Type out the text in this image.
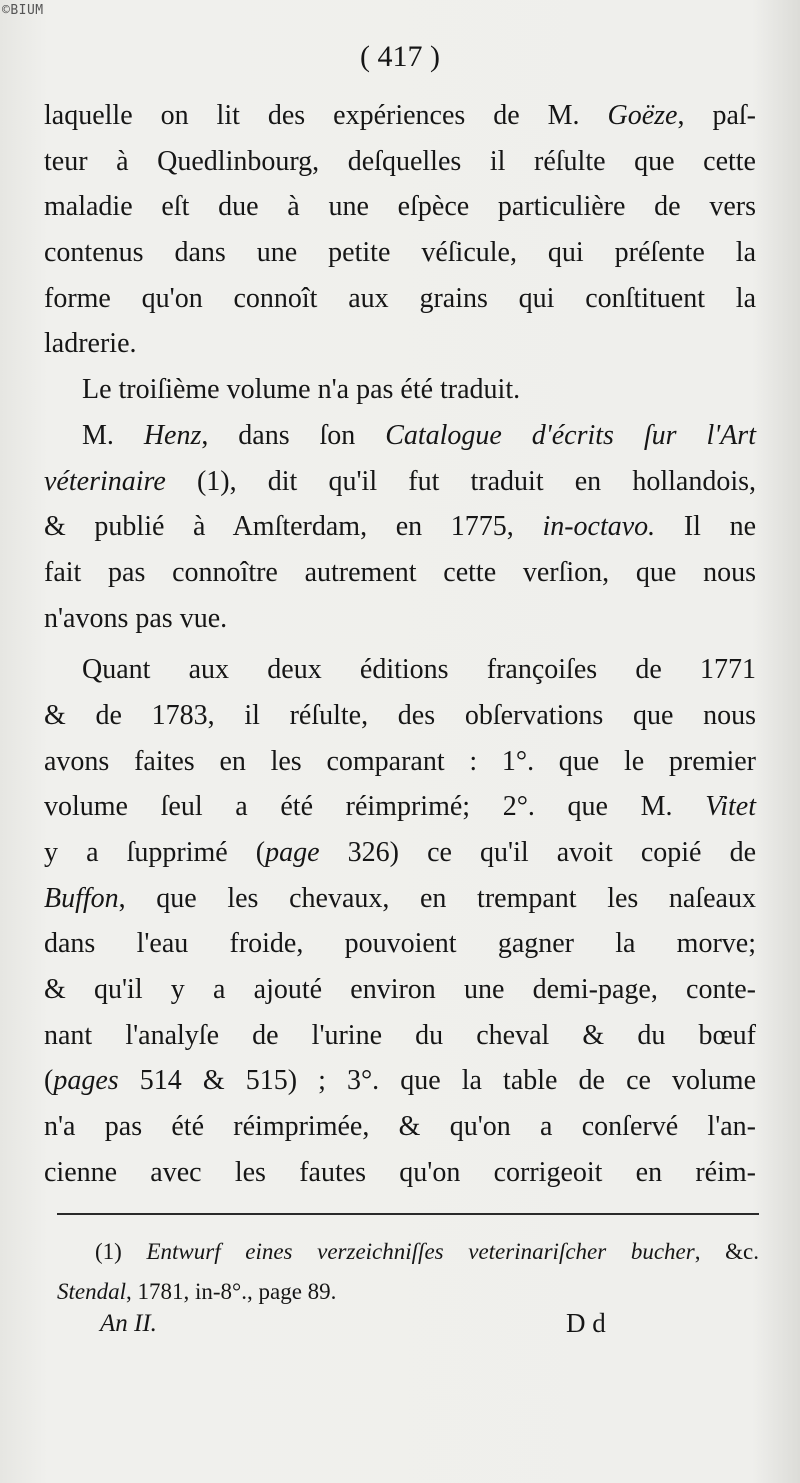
©BIUM
( 417 )
laquelle on lit des expériences de M. Goëze, paſ-
teur à Quedlinbourg, deſquelles il réſulte que cette
maladie eſt due à une eſpèce particulière de vers
contenus dans une petite véſicule, qui préſente la
forme qu'on connoît aux grains qui conſtituent la
ladrerie.
Le troiſième volume n'a pas été traduit.
M. Henz, dans ſon Catalogue d'écrits ſur l'Art
véterinaire (1), dit qu'il fut traduit en hollandois,
& publié à Amſterdam, en 1775, in-octavo. Il ne
fait pas connoître autrement cette verſion, que nous
n'avons pas vue.
Quant aux deux éditions françoiſes de 1771
& de 1783, il réſulte, des obſervations que nous
avons faites en les comparant : 1°. que le premier
volume ſeul a été réimprimé; 2°. que M. Vitet
y a ſupprimé (page 326) ce qu'il avoit copié de
Buffon, que les chevaux, en trempant les naſeaux
dans l'eau froide, pouvoient gagner la morve;
& qu'il y a ajouté environ une demi-page, conte-
nant l'analyſe de l'urine du cheval & du bœuf
(pages 514 & 515) ; 3°. que la table de ce volume
n'a pas été réimprimée, & qu'on a conſervé l'an-
cienne avec les fautes qu'on corrigeoit en réim-
(1) Entwurf eines verzeichniſſes veterinariſcher bucher, &c.
Stendal, 1781, in-8°., page 89.
An II.	D d
